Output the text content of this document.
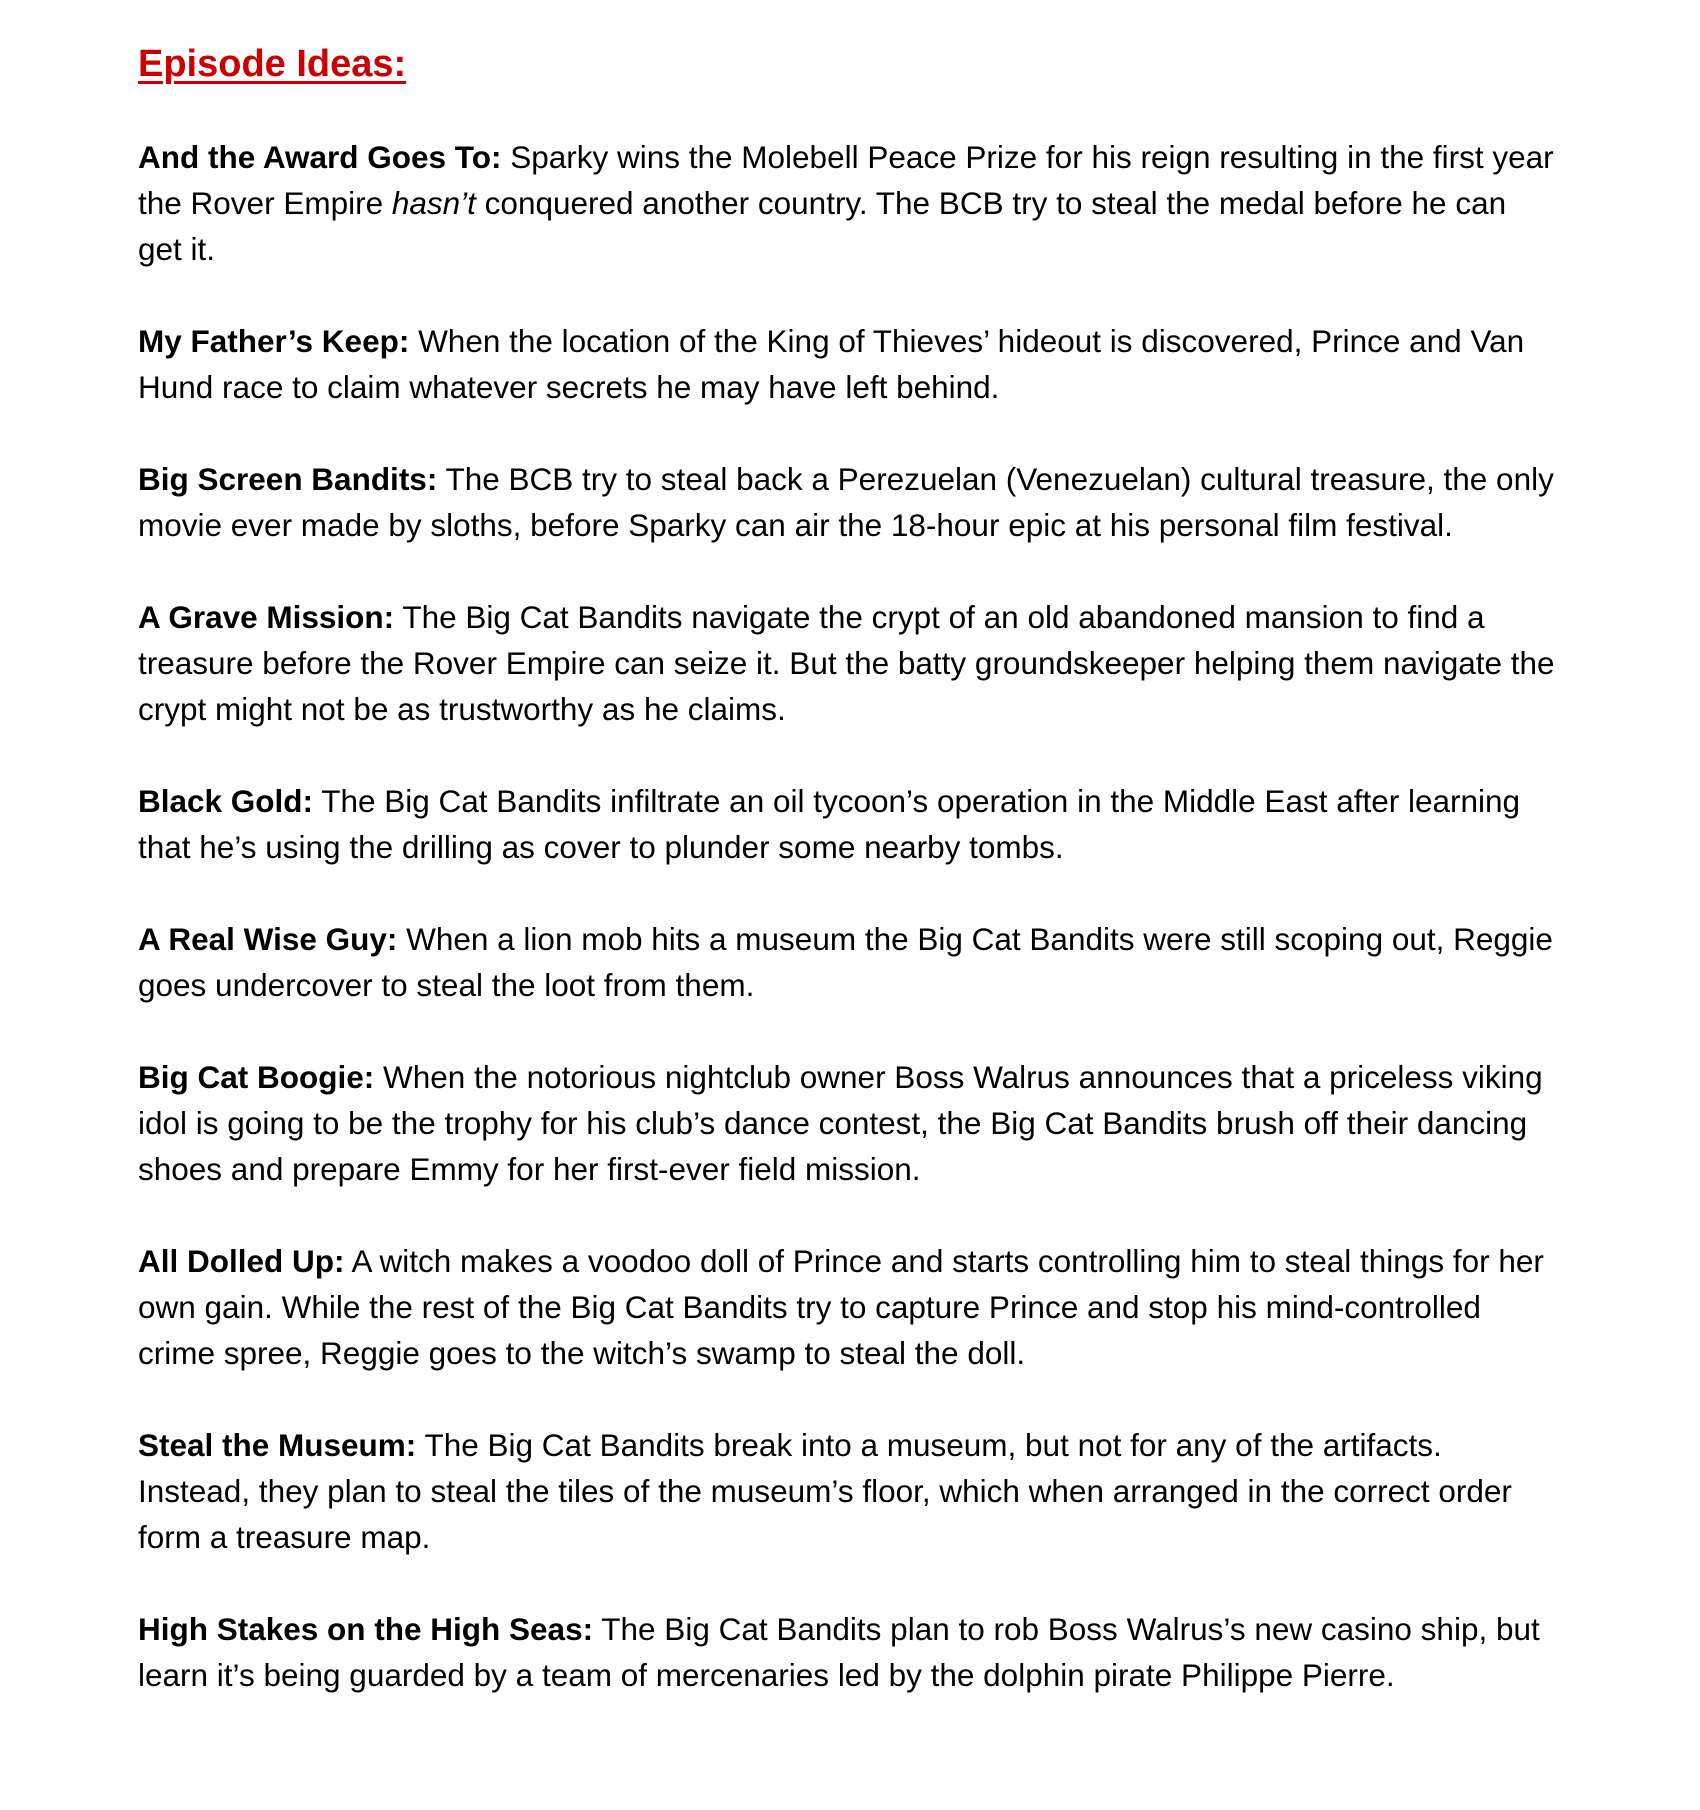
Episode Ideas:

And the Award Goes To: Sparky wins the Molebell Peace Prize for his reign resulting in the first year the Rover Empire hasn’t conquered another country. The BCB try to steal the medal before he can get it.

My Father’s Keep: When the location of the King of Thieves’ hideout is discovered, Prince and Van Hund race to claim whatever secrets he may have left behind.

Big Screen Bandits: The BCB try to steal back a Perezuelan (Venezuelan) cultural treasure, the only movie ever made by sloths, before Sparky can air the 18-hour epic at his personal film festival.

A Grave Mission: The Big Cat Bandits navigate the crypt of an old abandoned mansion to find a treasure before the Rover Empire can seize it. But the batty groundskeeper helping them navigate the crypt might not be as trustworthy as he claims.

Black Gold: The Big Cat Bandits infiltrate an oil tycoon’s operation in the Middle East after learning that he’s using the drilling as cover to plunder some nearby tombs.

A Real Wise Guy: When a lion mob hits a museum the Big Cat Bandits were still scoping out, Reggie goes undercover to steal the loot from them.

Big Cat Boogie: When the notorious nightclub owner Boss Walrus announces that a priceless viking idol is going to be the trophy for his club’s dance contest, the Big Cat Bandits brush off their dancing shoes and prepare Emmy for her first-ever field mission.

All Dolled Up: A witch makes a voodoo doll of Prince and starts controlling him to steal things for her own gain. While the rest of the Big Cat Bandits try to capture Prince and stop his mind-controlled crime spree, Reggie goes to the witch’s swamp to steal the doll.

Steal the Museum: The Big Cat Bandits break into a museum, but not for any of the artifacts. Instead, they plan to steal the tiles of the museum’s floor, which when arranged in the correct order form a treasure map.

High Stakes on the High Seas: The Big Cat Bandits plan to rob Boss Walrus’s new casino ship, but learn it’s being guarded by a team of mercenaries led by the dolphin pirate Philippe Pierre.
